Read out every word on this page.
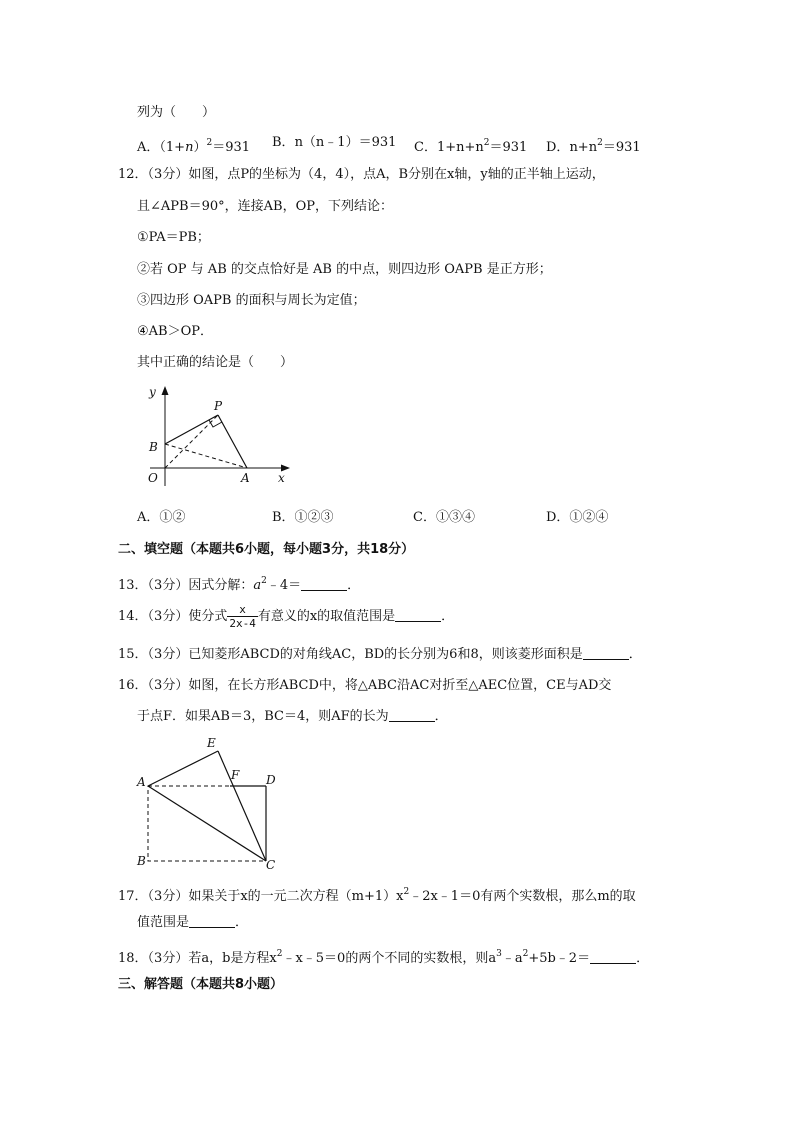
列为（　　）
A．$(1+n)^2=931$ B．n（n﹣1）＝931 C．$1+n+n^2=931$ D．$n+n^2=931$
12．（3分）如图，点P的坐标为（4，4），点A，B分别在x轴，y轴的正半轴上运动，
且∠APB＝90°，连接AB，OP，下列结论：
①PA＝PB；
②若 OP 与 AB 的交点恰好是 AB 的中点，则四边形 OAPB 是正方形；
③四边形 OAPB 的面积与周长为定值；
④AB＞OP．
其中正确的结论是（　　）
y
P
B
O	A x
A．①②	B．①②③	C．①③④	D．①②④
二、填空题（本题共6小题，每小题3分，共18分）
13．（3分）因式分解：$a^2﹣4=$	．
14．（3分）使分式 $\frac{x}{2x-4}$ 有意义的x的取值范围是	．
15．（3分）已知菱形ABCD的对角线AC，BD的长分别为6和8，则该菱形面积是	．
16．（3分）如图，在长方形ABCD中，将△ABC沿AC对折至△AEC位置，CE与AD交
于点F．如果AB＝3，BC＝4，则AF的长为	．
E
A	F D
B	C
17．（3分）如果关于x的一元二次方程$(m+1)x^2﹣2x﹣1=0$有两个实数根，那么m的取
值范围是	．
18．（3分）若a，b是方程$x^2﹣x﹣5=0$的两个不同的实数根，则$a^3﹣a^2+5b﹣2=$	．
三、解答题（本题共8小题）
